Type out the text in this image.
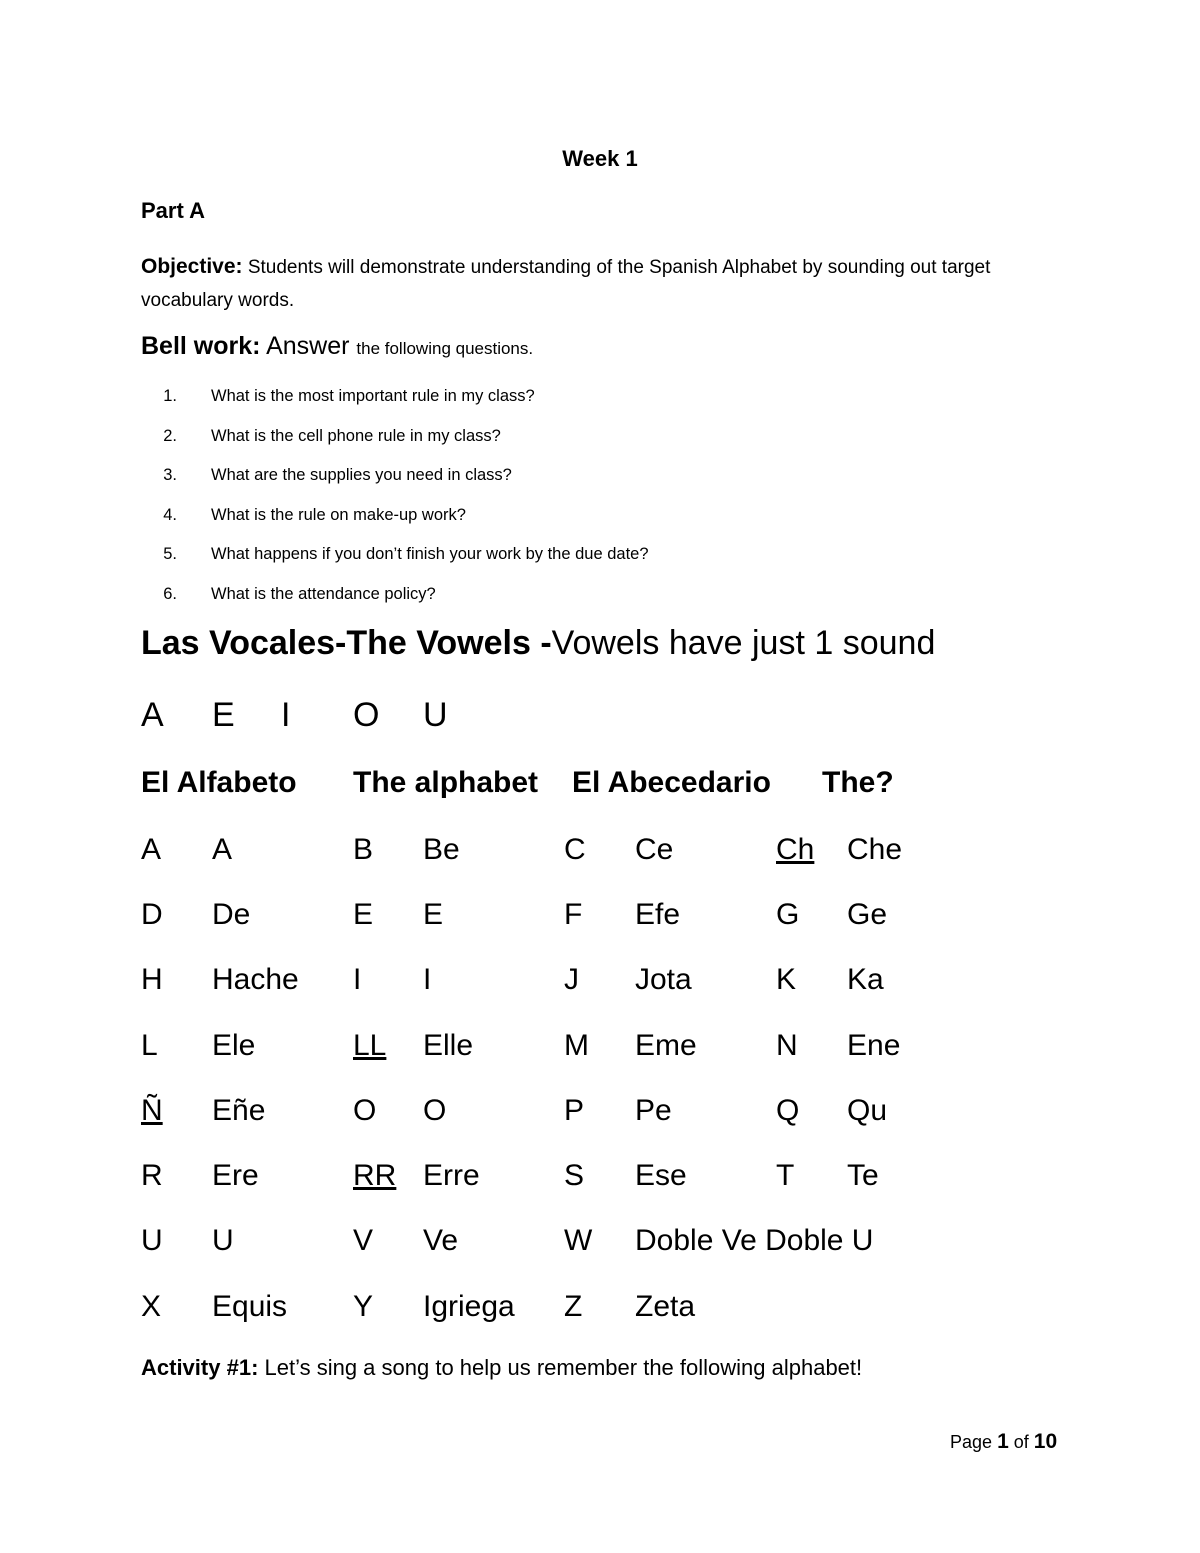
Week 1
Part A
Objective: Students will demonstrate understanding of the Spanish Alphabet by sounding out target vocabulary words.
Bell work: Answer the following questions.
1. What is the most important rule in my class?
2. What is the cell phone rule in my class?
3. What are the supplies you need in class?
4. What is the rule on make-up work?
5. What happens if you don’t finish your work by the due date?
6. What is the attendance policy?
Las Vocales-The Vowels -Vowels have just 1 sound
A E I O U
El Alfabeto The alphabet El Abecedario The?
A A	B Be	C Ce	Ch Che
D De	E E	F Efe	G Ge
H Hache I I	J Jota	K Ka
L Ele	LL Elle	M Eme	N Ene
Ñ Eñe	O O	P Pe	Q Qu
R Ere	RR Erre	S Ese	T Te
U U	V Ve	W Doble Ve Doble U
X Equis Y Igriega Z Zeta
Activity #1: Let’s sing a song to help us remember the following alphabet!
Page 1 of 10
